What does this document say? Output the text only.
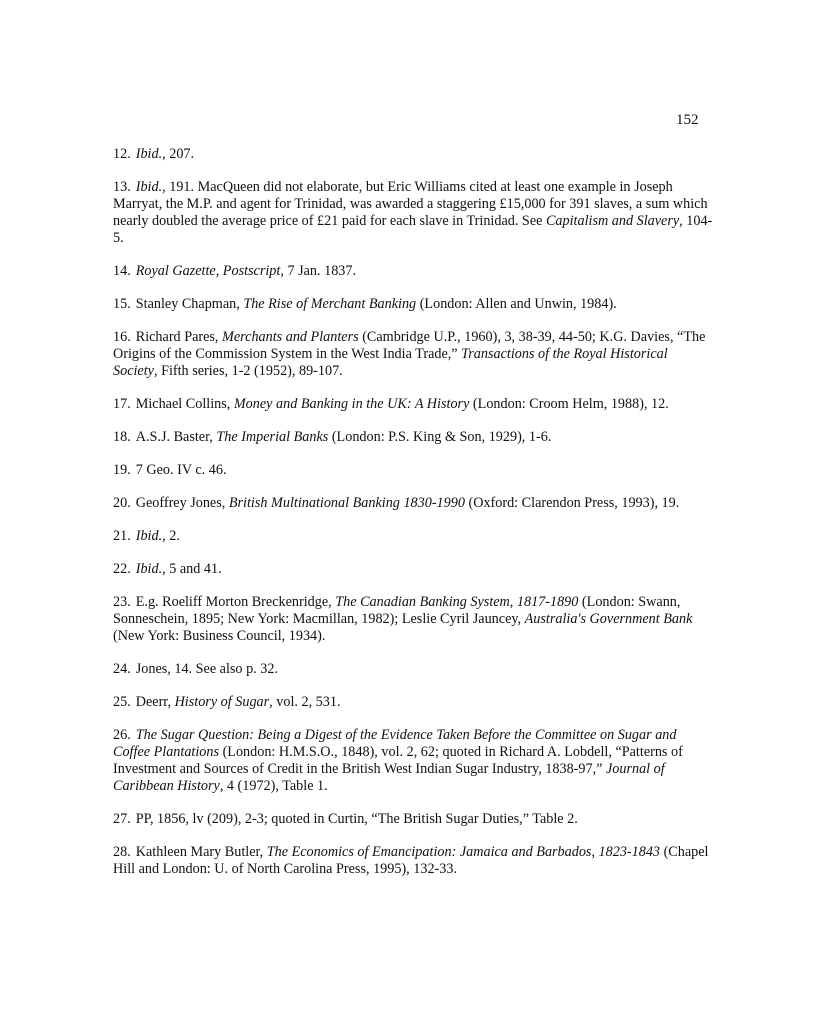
152

12. Ibid., 207.

13. Ibid., 191. MacQueen did not elaborate, but Eric Williams cited at least one example in Joseph Marryat, the M.P. and agent for Trinidad, was awarded a staggering £15,000 for 391 slaves, a sum which nearly doubled the average price of £21 paid for each slave in Trinidad. See Capitalism and Slavery, 104-5.

14. Royal Gazette, Postscript, 7 Jan. 1837.

15. Stanley Chapman, The Rise of Merchant Banking (London: Allen and Unwin, 1984).

16. Richard Pares, Merchants and Planters (Cambridge U.P., 1960), 3, 38-39, 44-50; K.G. Davies, “The Origins of the Commission System in the West India Trade,” Transactions of the Royal Historical Society, Fifth series, 1-2 (1952), 89-107.

17. Michael Collins, Money and Banking in the UK: A History (London: Croom Helm, 1988), 12.

18. A.S.J. Baster, The Imperial Banks (London: P.S. King & Son, 1929), 1-6.

19. 7 Geo. IV c. 46.

20. Geoffrey Jones, British Multinational Banking 1830-1990 (Oxford: Clarendon Press, 1993), 19.

21. Ibid., 2.

22. Ibid., 5 and 41.

23. E.g. Roeliff Morton Breckenridge, The Canadian Banking System, 1817-1890 (London: Swann, Sonneschein, 1895; New York: Macmillan, 1982); Leslie Cyril Jauncey, Australia's Government Bank (New York: Business Council, 1934).

24. Jones, 14. See also p. 32.

25. Deerr, History of Sugar, vol. 2, 531.

26. The Sugar Question: Being a Digest of the Evidence Taken Before the Committee on Sugar and Coffee Plantations (London: H.M.S.O., 1848), vol. 2, 62; quoted in Richard A. Lobdell, “Patterns of Investment and Sources of Credit in the British West Indian Sugar Industry, 1838-97,” Journal of Caribbean History, 4 (1972), Table 1.

27. PP, 1856, lv (209), 2-3; quoted in Curtin, “The British Sugar Duties,” Table 2.

28. Kathleen Mary Butler, The Economics of Emancipation: Jamaica and Barbados, 1823-1843 (Chapel Hill and London: U. of North Carolina Press, 1995), 132-33.
